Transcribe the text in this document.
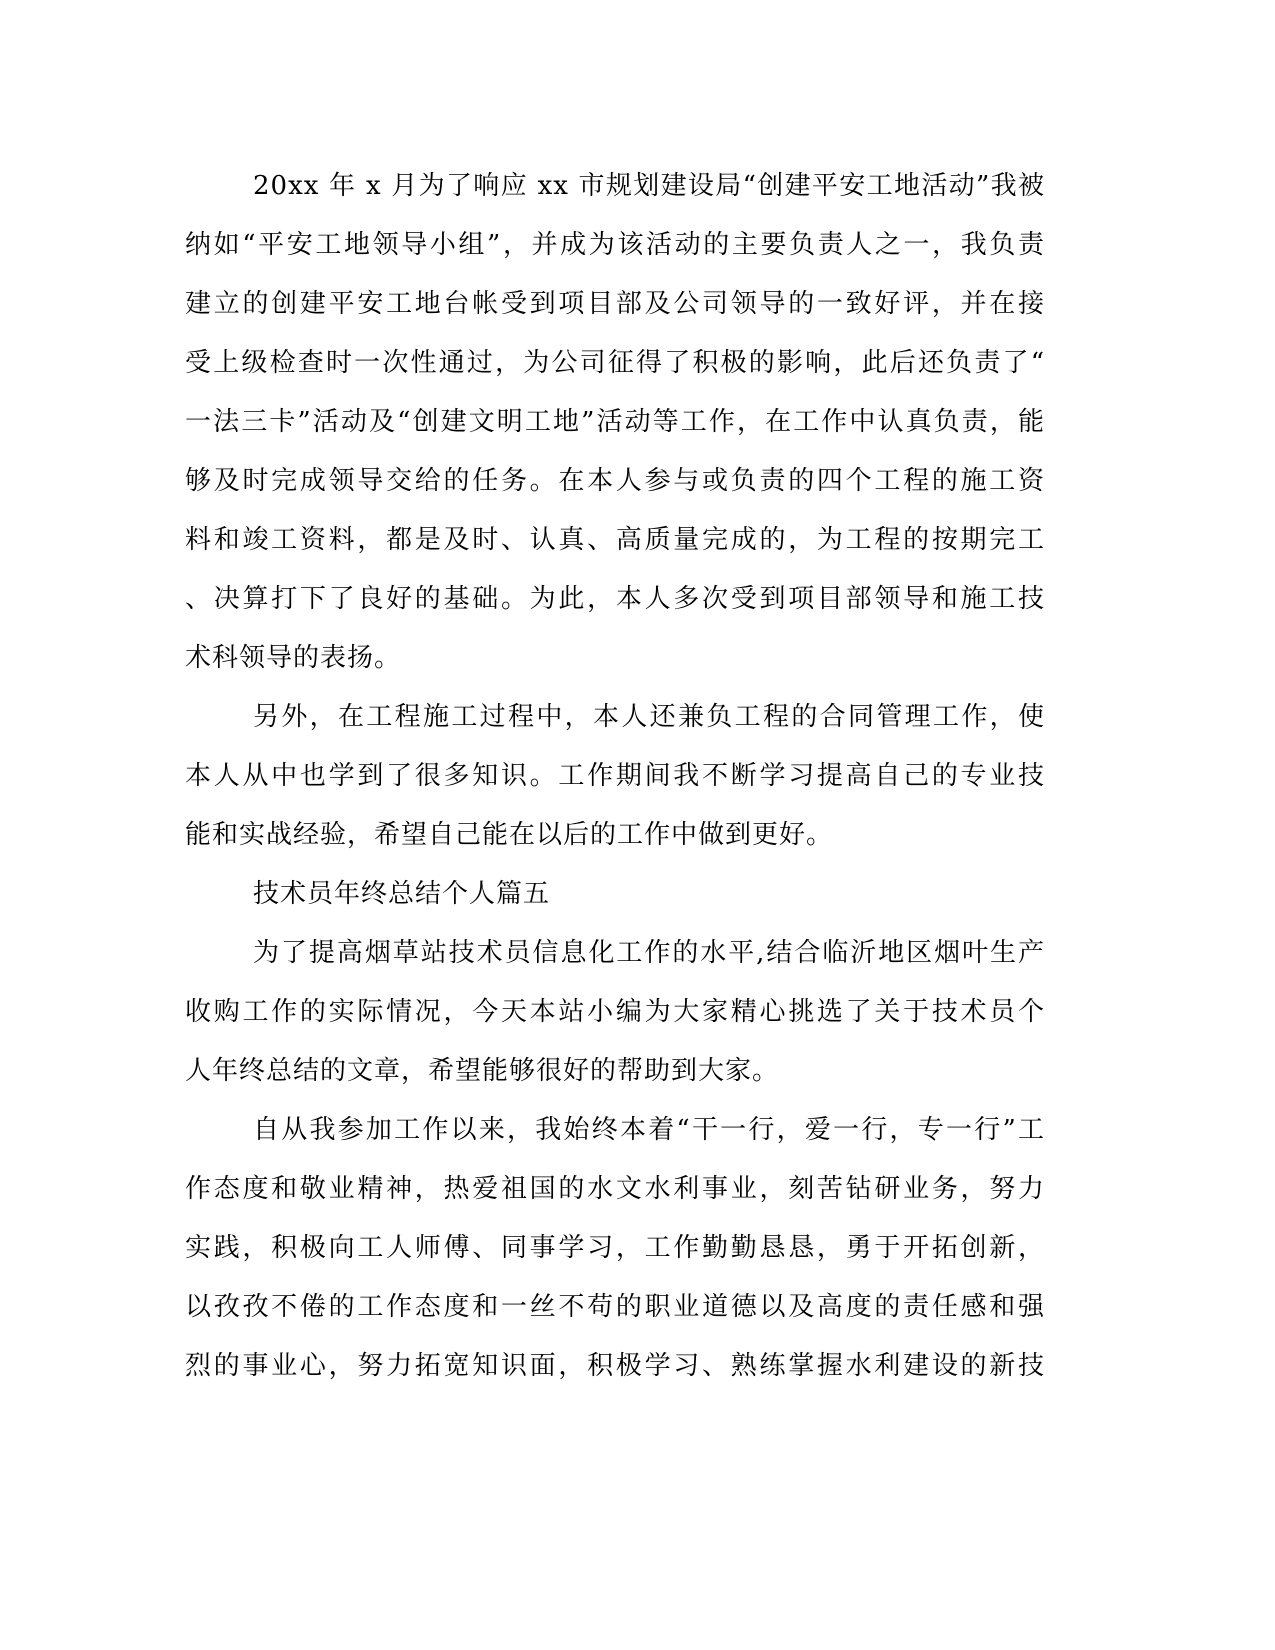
20xx 年 x 月为了响应 xx 市规划建设局“创建平安工地活动”我被
纳如“平安工地领导小组”，并成为该活动的主要负责人之一，我负责
建立的创建平安工地台帐受到项目部及公司领导的一致好评，并在接
受上级检查时一次性通过，为公司征得了积极的影响，此后还负责了“
一法三卡”活动及“创建文明工地”活动等工作，在工作中认真负责，能
够及时完成领导交给的任务。在本人参与或负责的四个工程的施工资
料和竣工资料，都是及时、认真、高质量完成的，为工程的按期完工
、决算打下了良好的基础。为此，本人多次受到项目部领导和施工技
术科领导的表扬。
另外，在工程施工过程中，本人还兼负工程的合同管理工作，使
本人从中也学到了很多知识。工作期间我不断学习提高自己的专业技
能和实战经验，希望自己能在以后的工作中做到更好。
技术员年终总结个人篇五
为了提高烟草站技术员信息化工作的水平,结合临沂地区烟叶生产
收购工作的实际情况，今天本站小编为大家精心挑选了关于技术员个
人年终总结的文章，希望能够很好的帮助到大家。
自从我参加工作以来，我始终本着“干一行，爱一行，专一行”工
作态度和敬业精神，热爱祖国的水文水利事业，刻苦钻研业务，努力
实践，积极向工人师傅、同事学习，工作勤勤恳恳，勇于开拓创新，
以孜孜不倦的工作态度和一丝不苟的职业道德以及高度的责任感和强
烈的事业心，努力拓宽知识面，积极学习、熟练掌握水利建设的新技
